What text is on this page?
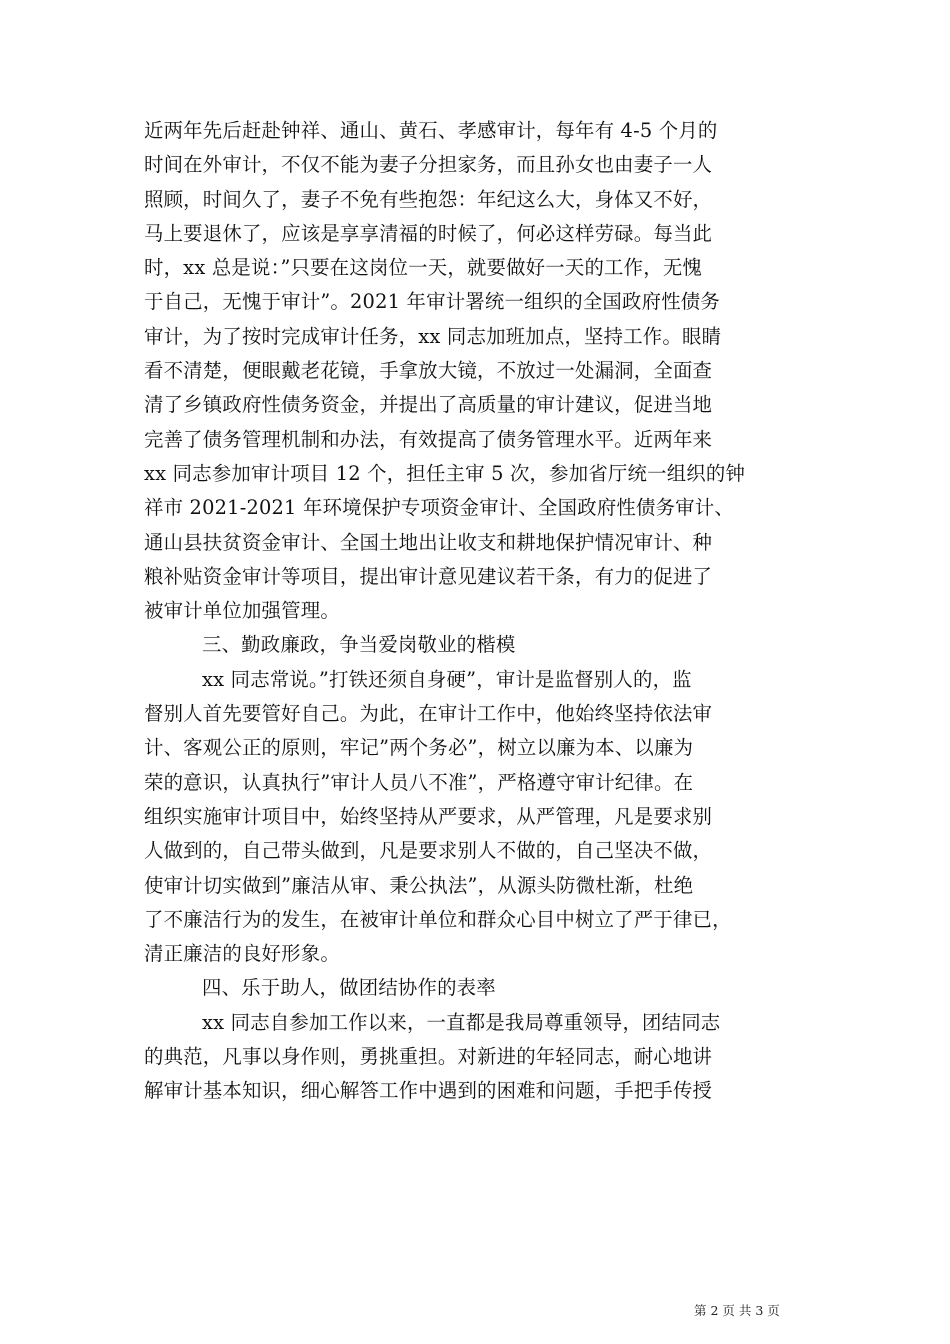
近两年先后赶赴钟祥、通山、黄石、孝感审计，每年有 4-5 个月的
时间在外审计，不仅不能为妻子分担家务，而且孙女也由妻子一人
照顾，时间久了，妻子不免有些抱怨：年纪这么大，身体又不好，
马上要退休了，应该是享享清福的时候了，何必这样劳碌。每当此
时，xx 总是说：”只要在这岗位一天，就要做好一天的工作，无愧
于自己，无愧于审计”。2021 年审计署统一组织的全国政府性债务
审计，为了按时完成审计任务，xx 同志加班加点，坚持工作。眼睛
看不清楚，便眼戴老花镜，手拿放大镜，不放过一处漏洞，全面查
清了乡镇政府性债务资金，并提出了高质量的审计建议，促进当地
完善了债务管理机制和办法，有效提高了债务管理水平。近两年来
xx 同志参加审计项目 12 个，担任主审 5 次，参加省厅统一组织的钟
祥市 2021-2021 年环境保护专项资金审计、全国政府性债务审计、
通山县扶贫资金审计、全国土地出让收支和耕地保护情况审计、种
粮补贴资金审计等项目，提出审计意见建议若干条，有力的促进了
被审计单位加强管理。
三、勤政廉政，争当爱岗敬业的楷模
xx 同志常说。”打铁还须自身硬”，审计是监督别人的，监
督别人首先要管好自己。为此，在审计工作中，他始终坚持依法审
计、客观公正的原则，牢记”两个务必”，树立以廉为本、以廉为
荣的意识，认真执行”审计人员八不准”，严格遵守审计纪律。在
组织实施审计项目中，始终坚持从严要求，从严管理，凡是要求别
人做到的，自己带头做到，凡是要求别人不做的，自己坚决不做，
使审计切实做到”廉洁从审、秉公执法”，从源头防微杜渐，杜绝
了不廉洁行为的发生，在被审计单位和群众心目中树立了严于律已，
清正廉洁的良好形象。
四、乐于助人，做团结协作的表率
xx 同志自参加工作以来，一直都是我局尊重领导，团结同志
的典范，凡事以身作则，勇挑重担。对新进的年轻同志，耐心地讲
解审计基本知识，细心解答工作中遇到的困难和问题，手把手传授
第 2 页 共 3 页
